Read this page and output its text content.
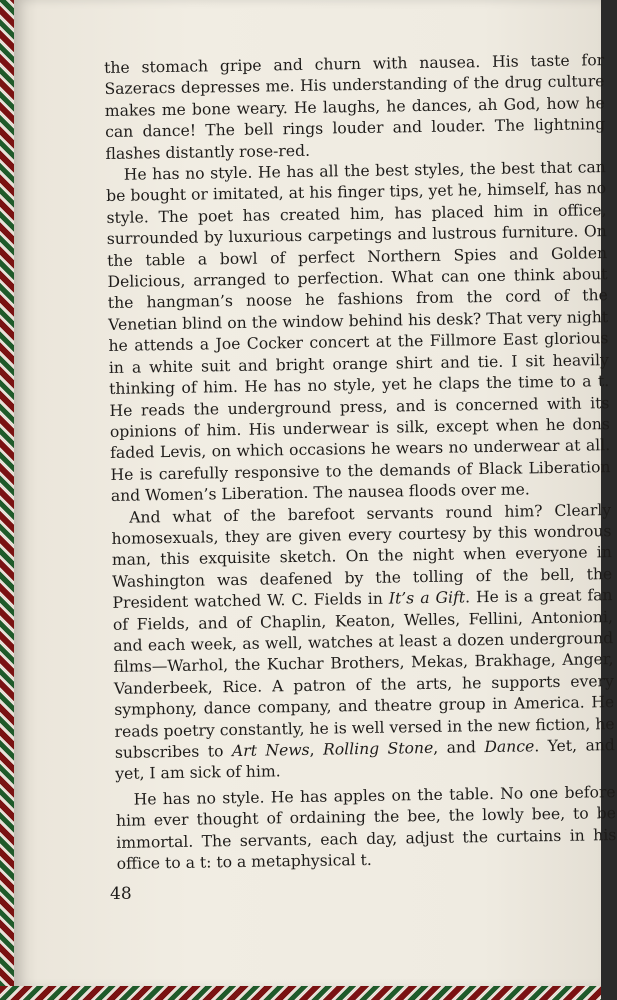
the stomach gripe and churn with nausea. His taste for Sazeracs depresses me. His understanding of the drug culture makes me bone weary. He laughs, he dances, ah God, how he can dance! The bell rings louder and louder. The lightning flashes distantly rose-red.

He has no style. He has all the best styles, the best that can be bought or imitated, at his finger tips, yet he, himself, has no style. The poet has created him, has placed him in office, surrounded by luxurious carpetings and lustrous furniture. On the table a bowl of perfect Northern Spies and Golden Delicious, arranged to perfection. What can one think about the hangman’s noose he fashions from the cord of the Venetian blind on the window behind his desk? That very night he attends a Joe Cocker concert at the Fillmore East glorious in a white suit and bright orange shirt and tie. I sit heavily thinking of him. He has no style, yet he claps the time to a t. He reads the underground press, and is concerned with its opinions of him. His underwear is silk, except when he dons faded Levis, on which occasions he wears no underwear at all. He is carefully responsive to the demands of Black Liberation and Women’s Liberation. The nausea floods over me.

And what of the barefoot servants round him? Clearly homosexuals, they are given every courtesy by this wondrous man, this exquisite sketch. On the night when everyone in Washington was deafened by the tolling of the bell, the President watched W. C. Fields in It’s a Gift. He is a great fan of Fields, and of Chaplin, Keaton, Welles, Fellini, Antonioni, and each week, as well, watches at least a dozen underground films—Warhol, the Kuchar Brothers, Mekas, Brakhage, Anger, Vanderbeek, Rice. A patron of the arts, he supports every symphony, dance company, and theatre group in America. He reads poetry constantly, he is well versed in the new fiction, he subscribes to Art News, Rolling Stone, and Dance. Yet, and yet, I am sick of him.

He has no style. He has apples on the table. No one before him ever thought of ordaining the bee, the lowly bee, to be immortal. The servants, each day, adjust the curtains in his office to a t: to a metaphysical t.

48
